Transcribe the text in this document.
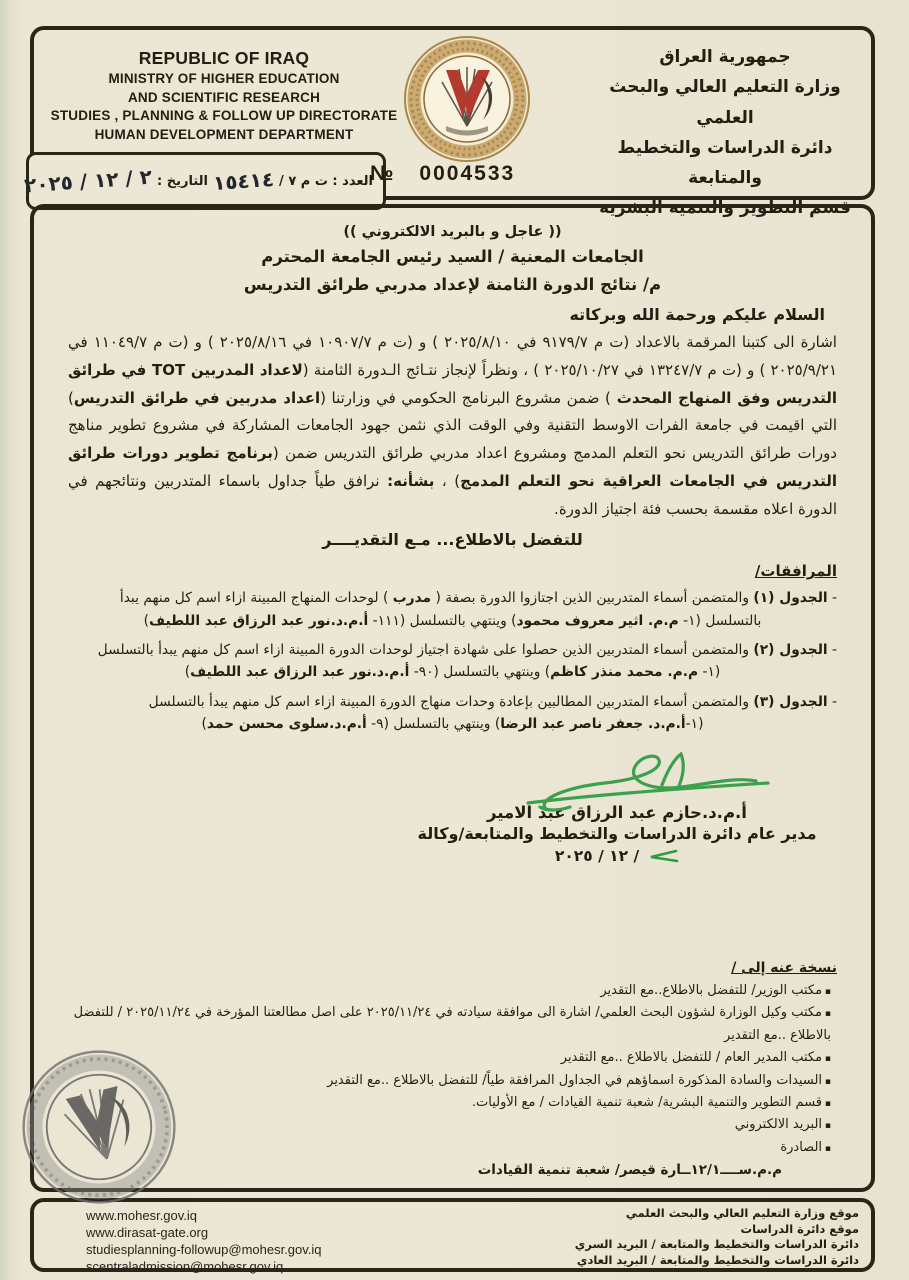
REPUBLIC OF IRAQ
MINISTRY OF HIGHER EDUCATION
AND SCIENTIFIC RESEARCH
STUDIES , PLANNING & FOLLOW UP DIRECTORATE
HUMAN DEVELOPMENT DEPARTMENT
جمهورية العراق
وزارة التعليم العالي والبحث العلمي
دائرة الدراسات والتخطيط والمتابعة
قسم التطوير والتنمية البشرية
العدد : ت م ٧ /
١٥٤١٤
التاريخ :
٢ / ١٢ / ٢٠٢٥	№ 0004533
(( عاجل و بالبريد الالكتروني ))
الجامعات المعنية / السيد رئيس الجامعة المحترم
م/ نتائج الدورة الثامنة لإعداد مدربي طرائق التدريس
السلام عليكم ورحمة الله وبركاته
اشارة الى كتبنا المرقمة بالاعداد (ت م ٩١٧٩/٧ في ٢٠٢٥/٨/١٠ ) و (ت م ١٠٩٠٧/٧ في ٢٠٢٥/٨/١٦ ) و (ت م ١١٠٤٩/٧ في ٢٠٢٥/٩/٢١ ) و (ت م ١٣٢٤٧/٧ في ٢٠٢٥/١٠/٢٧ ) ، ونظراً لإنجاز نتـائج الـدورة الثامنة (لاعداد المدربين TOT في طرائق التدريس وفق المنهاج المحدث ) ضمن مشروع البرنامج الحكومي في وزارتنا (اعداد مدربين في طرائق التدريس) التي اقيمت في جامعة الفرات الاوسط التقنية وفي الوقت الذي نثمن جهود الجامعات المشاركة في مشروع تطوير مناهج دورات طرائق التدريس نحو التعلم المدمج ومشروع اعداد مدربي طرائق التدريس ضمن (برنامج تطوير دورات طرائق التدريس في الجامعات العراقية نحو التعلم المدمج) ، بشأنه: نرافق طياً جداول باسماء المتدربين ونتائجهم في الدورة اعلاه مقسمة بحسب فئة اجتياز الدورة.
للتفضل بالاطلاع... مـع التقديــــر
المرافقات/
- الجدول (١) والمتضمن أسماء المتدربين الذين اجتازوا الدورة بصفة ( مدرب ) لوحدات المنهاج المبينة ازاء اسم كل منهم يبدأ
بالتسلسل (١- م.م. اثير معروف محمود) وينتهي بالتسلسل (١١١- أ.م.د.نور عبد الرزاق عبد اللطيف)
- الجدول (٢) والمتضمن أسماء المتدربين الذين حصلوا على شهادة اجتياز لوحدات الدورة المبينة ازاء اسم كل منهم يبدأ بالتسلسل
(١- م.م. محمد منذر كاظم) وينتهي بالتسلسل (٩٠- أ.م.د.نور عبد الرزاق عبد اللطيف)
- الجدول (٣) والمتضمن أسماء المتدربين المطالبين بإعادة وحدات منهاج الدورة المبينة ازاء اسم كل منهم يبدأ بالتسلسل
(١-أ.م.د. جعفر ناصر عبد الرضا) وينتهي بالتسلسل (٩- أ.م.د.سلوى محسن حمد)
أ.م.د.حازم عبد الرزاق عبد الامير
مدير عام دائرة الدراسات والتخطيط والمتابعة/وكالة
/ ١٢ / ٢٠٢٥
نسخة عنه إلى /
▪ مكتب الوزير/ للتفضل بالاطلاع..مع التقدير
▪ مكتب وكيل الوزارة لشؤون البحث العلمي/ اشارة الى موافقة سيادته في ٢٠٢٥/١١/٢٤ على اصل مطالعتنا المؤرخة في ٢٠٢٥/١١/٢٤ / للتفضل بالاطلاع ..مع التقدير
▪ مكتب المدير العام / للتفضل بالاطلاع ..مع التقدير
▪ السيدات والسادة المذكورة اسماؤهم في الجداول المرافقة طياً/ للتفضل بالاطلاع ..مع التقدير
▪ قسم التطوير والتنمية البشرية/ شعبة تنمية القيادات / مع الأوليات.
▪ البريد الالكتروني
▪ الصادرة
م.م.ســــ١٢/١ــارة قيصر/ شعبة تنمية القيادات
www.mohesr.gov.iq
www.dirasat-gate.org
studiesplanning-followup@mohesr.gov.iq
scentraladmission@mohesr.gov.iq
موقع وزارة التعليم العالي والبحث العلمي
موقع دائرة الدراسات
دائرة الدراسات والتخطيط والمتابعة / البريد السري
دائرة الدراسات والتخطيط والمتابعة / البريد العادي
